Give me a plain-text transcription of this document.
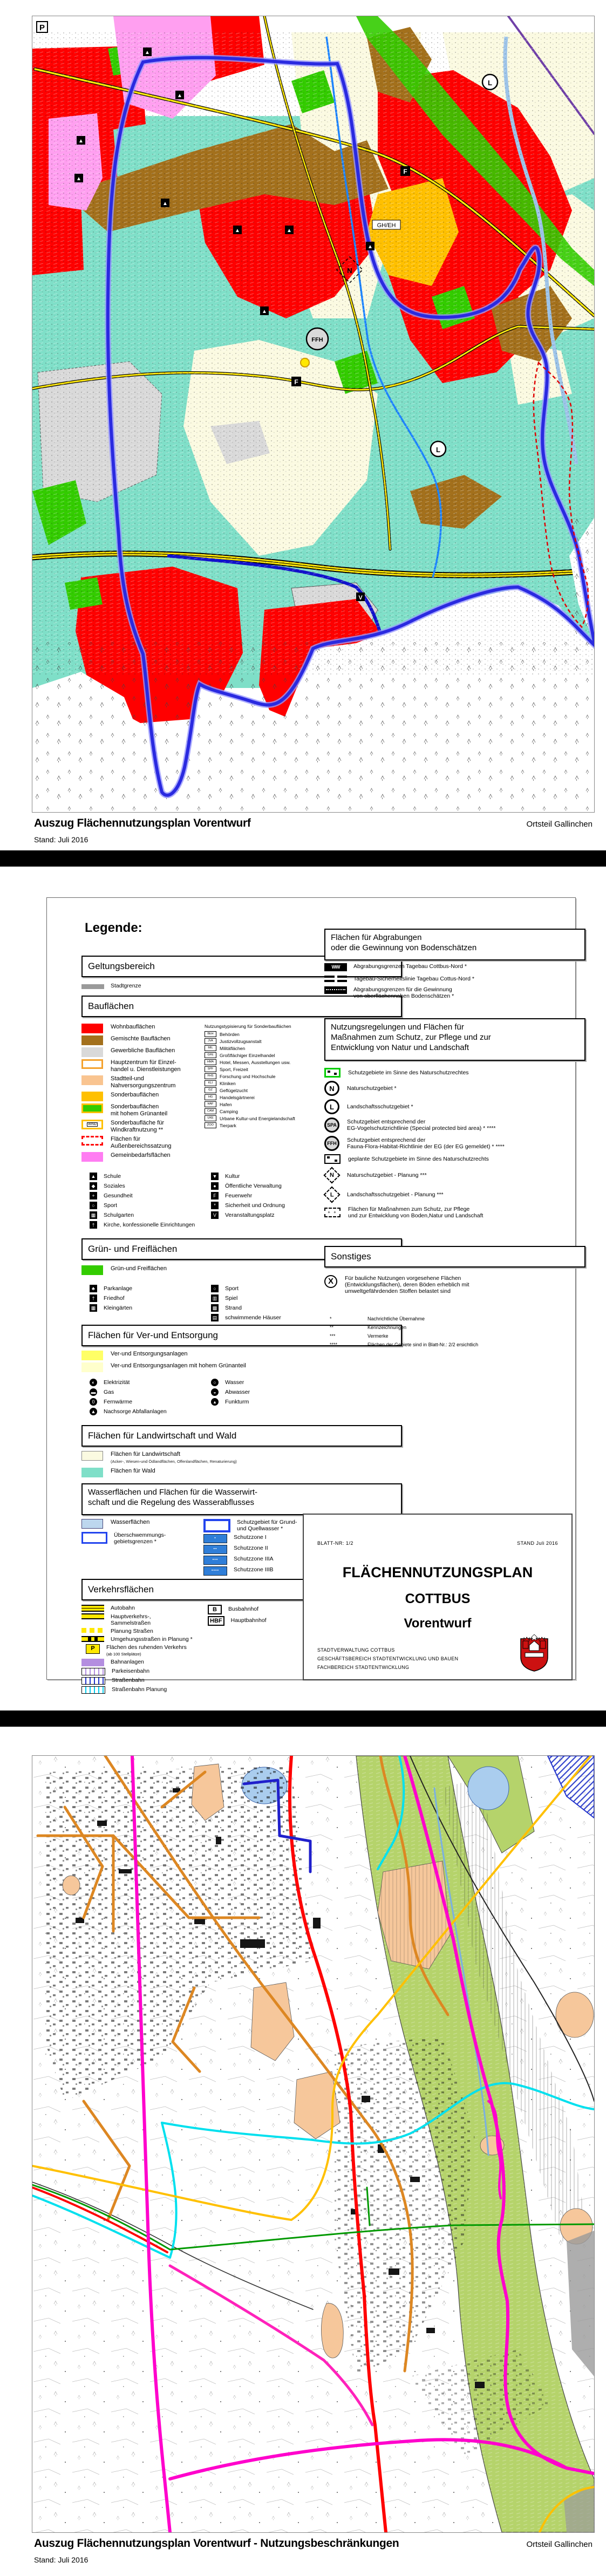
▲
▲
▲
▲
▲
▲	▲
▲
▲
P
F
F
V
N
L
L
FFH
GH/EH
Auszug Flächennutzungsplan Vorentwurf	Ortsteil Gallinchen
Stand: Juli 2016
Legende:
Geltungsbereich
Stadtgrenze
Bauflächen
Wohnbauflächen
Gemischte Bauflächen
Gewerbliche Bauflächen
Hauptzentrum für Einzel-
handel u. Dienstleistungen
Stadtteil-und
Nahversorgungszentrum
Sonderbauflächen
Sonderbauflächen
mit hohem Grünanteil
WIND Sonderbaufläche für
Windkraftnutzung **
Flächen für
Außenbereichssatzung
Gemeinbedarfsflächen
Nutzungstypisierung für Sonderbauflächen
BEH	Behörden
JVA	Justizvollzugsanstalt
MIL	Militäflächen
GFE	Großflächiger Einzelhandel
HMA	Hotel, Messen, Ausstellungen usw.
SPF	Sport, Freizeit
FHS	Forschung und Hochschule
KLI	Kliniken
GZ	Geflügelzucht
HG	Handelsgärtnerei
HAF	Hafen
CAM	Camping
UKE	Urbane Kultur-und Energielandschaft
ZOO	Tierpark
▲ Schule
◆	Soziales
+	Gesundheit
○	Sport
▦ Schulgarten
†	Kirche, konfessionelle Einrichtungen
▼ Kultur
●	Öffentliche Verwaltung
F	Feuerwehr
*	Sicherheit und Ordnung
V	Veranstaltungsplatz
Grün- und Freiflächen
Grün-und Freiflächen
♣	Parkanlage
†	Friedhof
▦ Kleingärten
○	Sport
▥ Spiel
▩ Strand
▤ schwimmende Häuser
Flächen für Ver-und Entsorgung
Ver-und Entsorgungsanlagen
Ver-und Entsorgungsanlagen mit hohem Grünanteil
◐	Elektrizität
▬ Gas
0	Fernwärme
▲ Nachsorge Abfallanlagen
○	Wasser
◒	Abwasser
▴	Funkturm
Flächen für Landwirtschaft und Wald
Flächen für Landwirtschaft
(Acker-, Wiesen-und Ödlandflächen, Offenlandflächen, Renaturierung)
Flächen für Wald
Wasserflächen und Flächen für die Wasserwirt-
schaft und die Regelung des Wasserabflusses
Wasserflächen
Überschwemmungs-
gebietsgrenzen *
Schutzgebiet für Grund-
und Quellwasser *
▪	Schutzzone I
▪▪	Schutzzone II
▪▪▪	Schutzzone IIIA
▪▪▪▪	Schutzzone IIIB
Verkehrsflächen
Autobahn
Hauptverkehrs-,
Sammelstraßen
Planung Straßen
Umgehungsstraßen in Planung *
P	Flächen des ruhenden Verkehrs
(ab 100 Stellplätze)
Bahnanlagen
Parkeisenbahn
Straßenbahn
Straßenbahn Planung
B	Busbahnhof
HBF	Hauptbahnhof
Flächen für Abgrabungen
oder die Gewinnung von Bodenschätzen
WW	Abgrabungsgrenzen Tagebau Cottbus-Nord *
Tagebau-Sicherheitslinie Tagebau Cottus-Nord *
Abgrabungsgrenzen für die Gewinnung
von oberflächennahen Bodenschätzen *
Nutzungsregelungen und Flächen für
Maßnahmen zum Schutz, zur Pflege und zur
Entwicklung von Natur und Landschaft
Schutzgebiete im Sinne des Naturschutzrechtes
N	Naturschutzgebiet *
L	Landschaftsschutzgebiet *
SPA	Schutzgebiet entsprechend der
EG-Vogelschutzrichtlinie (Special protected bird area) * ****
FFH	Schutzgebiet entsprechend der
Fauna-Flora-Habitat-Richtlinie der EG (der EG gemeldet) * ****
geplante Schutzgebiete im Sinne des Naturschutzrechts
N Naturschutzgebiet - Planung ***
L Landschaftsschutzgebiet - Planung ***
+ +	Flächen für Maßnahmen zum Schutz, zur Pflege
und zur Entwicklung von Boden,Natur und Landschaft
Sonstiges
X	Für bauliche Nutzungen vorgesehene Flächen
(Entwicklungsflächen), deren Böden erheblich mit
umweltgefährdenden Stoffen belastet sind
*	Nachrichtliche Übernahme
**	Kennzeichnungen
***	Vermerke
****	Flächen der Gebiete sind in Blatt-Nr.: 2/2 ersichtlich
BLATT-NR: 1/2	STAND Juli 2016
FLÄCHENNUTZUNGSPLAN
COTTBUS
Vorentwurf
STADTVERWALTUNG COTTBUS
GESCHÄFTSBEREICH STADTENTWICKLUNG UND BAUEN
FACHBEREICH STADTENTWICKLUNG
Auszug Flächennutzungsplan Vorentwurf - Nutzungsbeschränkungen	Ortsteil Gallinchen
Stand: Juli 2016
